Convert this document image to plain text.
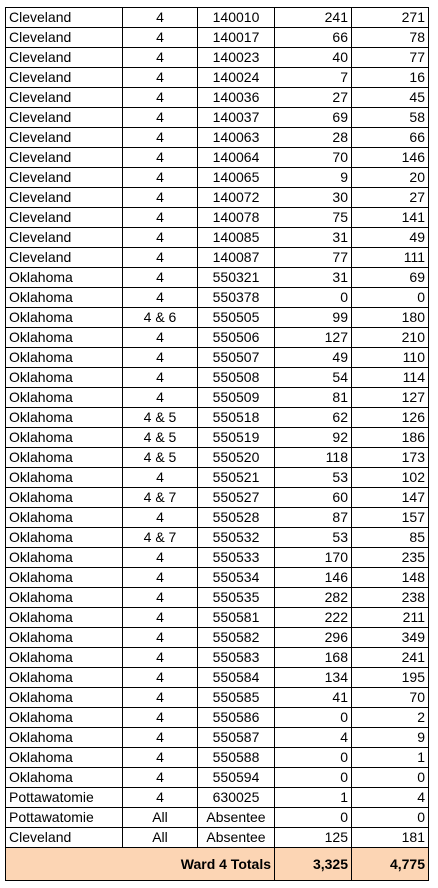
Cleveland	4	140010	241	271
Cleveland	4	140017	66	78
Cleveland	4	140023	40	77
Cleveland	4	140024	7	16
Cleveland	4	140036	27	45
Cleveland	4	140037	69	58
Cleveland	4	140063	28	66
Cleveland	4	140064	70	146
Cleveland	4	140065	9	20
Cleveland	4	140072	30	27
Cleveland	4	140078	75	141
Cleveland	4	140085	31	49
Cleveland	4	140087	77	111
Oklahoma	4	550321	31	69
Oklahoma	4	550378	0	0
Oklahoma	4 & 6	550505	99	180
Oklahoma	4	550506	127	210
Oklahoma	4	550507	49	110
Oklahoma	4	550508	54	114
Oklahoma	4	550509	81	127
Oklahoma	4 & 5	550518	62	126
Oklahoma	4 & 5	550519	92	186
Oklahoma	4 & 5	550520	118	173
Oklahoma	4	550521	53	102
Oklahoma	4 & 7	550527	60	147
Oklahoma	4	550528	87	157
Oklahoma	4 & 7	550532	53	85
Oklahoma	4	550533	170	235
Oklahoma	4	550534	146	148
Oklahoma	4	550535	282	238
Oklahoma	4	550581	222	211
Oklahoma	4	550582	296	349
Oklahoma	4	550583	168	241
Oklahoma	4	550584	134	195
Oklahoma	4	550585	41	70
Oklahoma	4	550586	0	2
Oklahoma	4	550587	4	9
Oklahoma	4	550588	0	1
Oklahoma	4	550594	0	0
Pottawatomie	4	630025	1	4
Pottawatomie	All	Absentee	0	0
Cleveland	All	Absentee	125	181
Ward 4 Totals			3,325	4,775
